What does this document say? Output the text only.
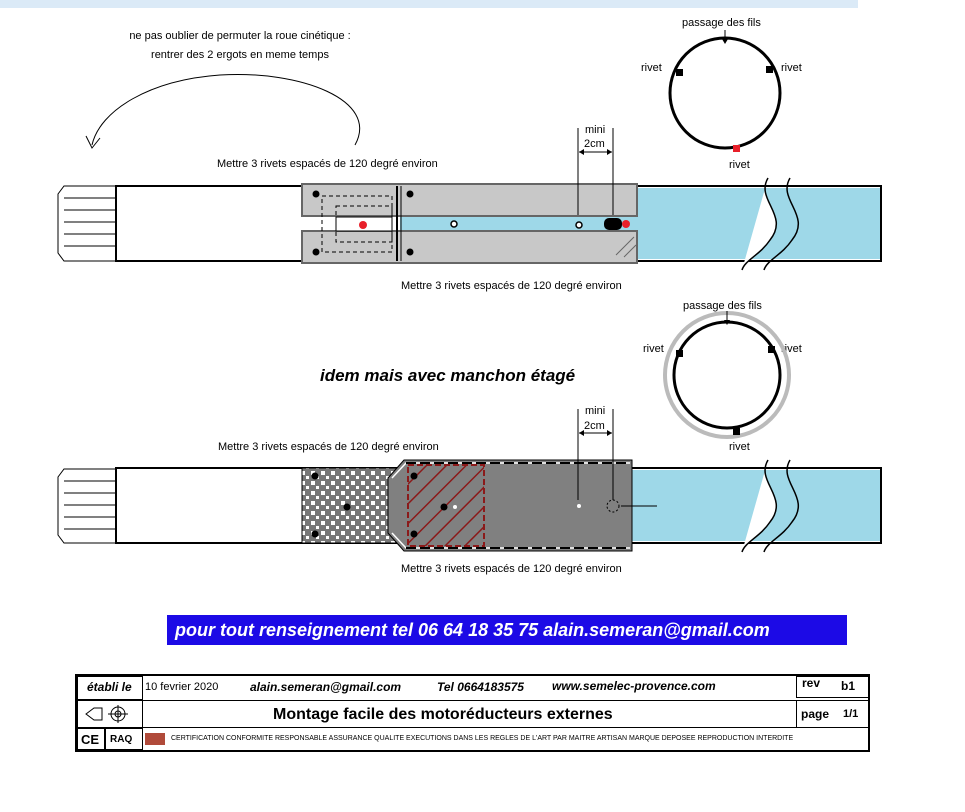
ne pas oublier de permuter la roue cinétique :
rentrer des 2 ergots en meme temps
Mettre 3 rivets espacés de 120 degré environ
Mettre 3 rivets espacés de 120 degré environ
mini
2cm
passage des fils
rivet	rivet
rivet
idem mais avec manchon étagé
Mettre 3 rivets espacés de 120 degré environ
Mettre 3 rivets espacés de 120 degré environ
mini
2cm
passage des fils
rivet	rivet
rivet
pour tout renseignement tel 06 64 18 35 75 alain.semeran@gmail.com
établi le 10 fevrier 2020	alain.semeran@gmail.com	Tel 0664183575 www.semelec-provence.com	rev b1
Montage facile des motoréducteurs externes	page 1/1
CE RAQ	CERTIFICATION CONFORMITE RESPONSABLE ASSURANCE QUALITE EXECUTIONS DANS LES REGLES DE L'ART PAR MAITRE ARTISAN MARQUE DEPOSEE REPRODUCTION INTERDITE
